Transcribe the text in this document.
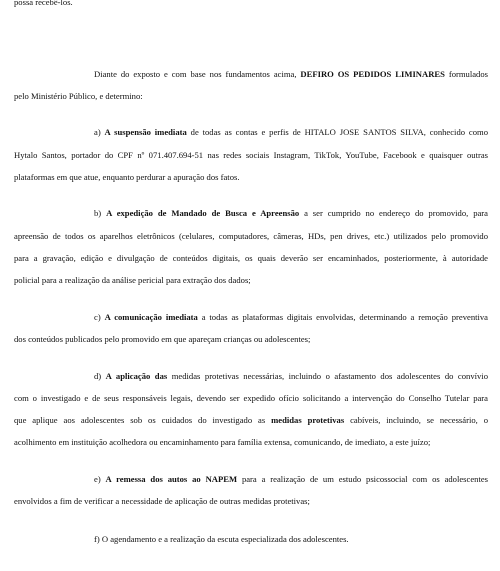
possa recebê-los.
Diante do exposto e com base nos fundamentos acima, DEFIRO OS PEDIDOS LIMINARES formulados
pelo Ministério Público, e determino:
a) A suspensão imediata de todas as contas e perfis de HITALO JOSE SANTOS SILVA, conhecido como
Hytalo Santos, portador do CPF nº 071.407.694-51 nas redes sociais Instagram, TikTok, YouTube, Facebook e quaisquer outras
plataformas em que atue, enquanto perdurar a apuração dos fatos.
b) A expedição de Mandado de Busca e Apreensão a ser cumprido no endereço do promovido, para
apreensão de todos os aparelhos eletrônicos (celulares, computadores, câmeras, HDs, pen drives, etc.) utilizados pelo promovido
para a gravação, edição e divulgação de conteúdos digitais, os quais deverão ser encaminhados, posteriormente, à autoridade
policial para a realização da análise pericial para extração dos dados;
c) A comunicação imediata a todas as plataformas digitais envolvidas, determinando a remoção preventiva
dos conteúdos publicados pelo promovido em que apareçam crianças ou adolescentes;
d) A aplicação das medidas protetivas necessárias, incluindo o afastamento dos adolescentes do convívio
com o investigado e de seus responsáveis legais, devendo ser expedido ofício solicitando a intervenção do Conselho Tutelar para
que aplique aos adolescentes sob os cuidados do investigado as medidas protetivas cabíveis, incluindo, se necessário, o
acolhimento em instituição acolhedora ou encaminhamento para família extensa, comunicando, de imediato, a este juízo;
e) A remessa dos autos ao NAPEM para a realização de um estudo psicossocial com os adolescentes
envolvidos a fim de verificar a necessidade de aplicação de outras medidas protetivas;
f) O agendamento e a realização da escuta especializada dos adolescentes.
